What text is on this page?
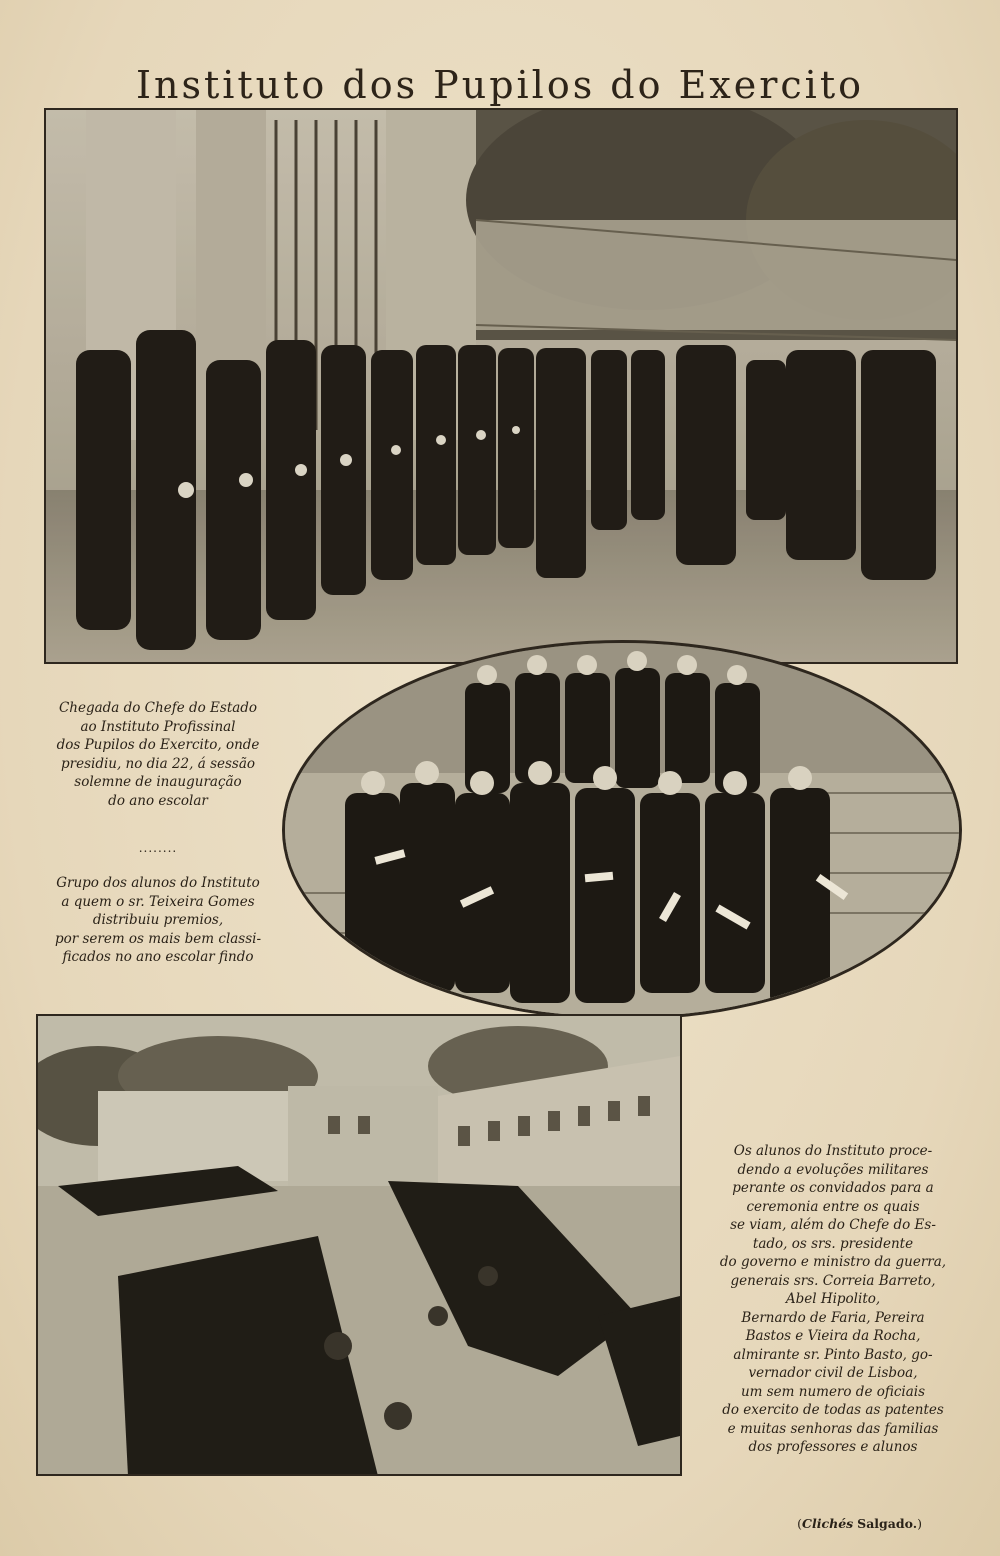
Instituto dos Pupilos do Exercito
Chegada do Chefe do Estado
ao Instituto Profissinal
dos Pupilos do Exercito, onde
presidiu, no dia 22, á sessão
solemne de inauguração
do ano escolar
........
Grupo dos alunos do Instituto
a quem o sr. Teixeira Gomes
distribuiu premios,
por serem os mais bem classi-
ficados no ano escolar findo
Os alunos do Instituto proce-
dendo a evoluções militares
perante os convidados para a
ceremonia entre os quais
se viam, além do Chefe do Es-
tado, os srs. presidente
do governo e ministro da guerra,
generais srs. Correia Barreto,
Abel Hipolito,
Bernardo de Faria, Pereira
Bastos e Vieira da Rocha,
almirante sr. Pinto Basto, go-
vernador civil de Lisboa,
um sem numero de oficiais
do exercito de todas as patentes
e muitas senhoras das familias
dos professores e alunos
(Clichés Salgado.)
